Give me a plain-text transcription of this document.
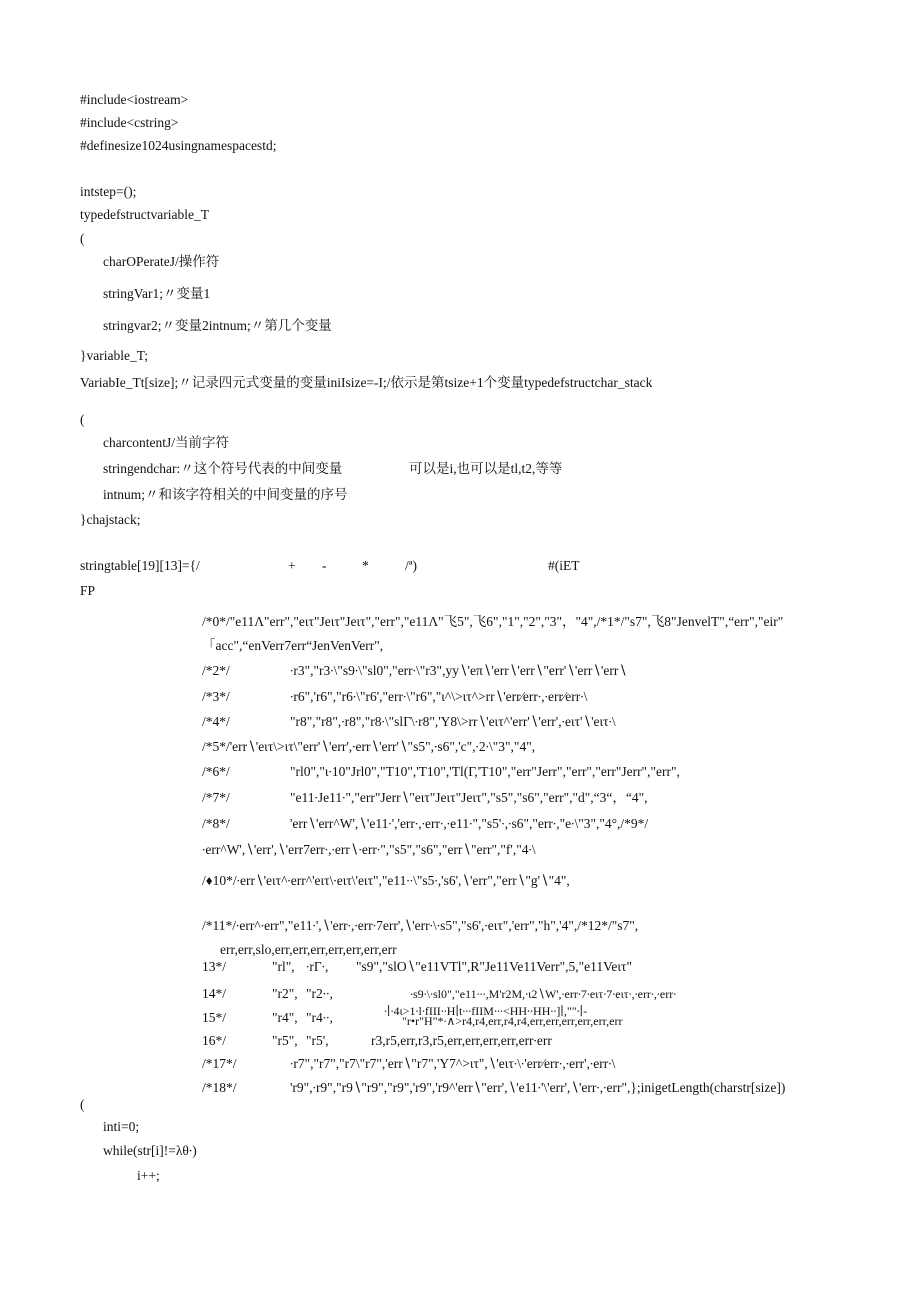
#include<iostream>
#include<cstring>
#definesize1024usingnamespacestd;
intstep=();
typedefstructvariable_T
(
charOPerateJ/操作符
stringVar1;〃变量1
stringvar2;〃变量2intnum;〃第几个变量
}variable_T;
VariabIe_Tt[size];〃记录四元式变量的变量iniIsize=-I;/依示是第tsize+1个变量typedefstructchar_stack
(
charcontentJ/当前字符
stringendchar:〃这个符号代表的中间变量	可以是i,也可以是tl,t2,等等
intnum;〃和该字符相关的中间变量的序号
}chajstack;
stringtable[19][13]={/	+ -	*	/ª)	#(iET
FP
/*0*/"e11Λ"err","eιτ"Jeιτ"Jeιτ","err","e11Λ"飞5",飞6","1","2","3"，"4",/*1*/"s7",飞8"JenvelT",“err","eir"
「acc",“enVerr7err“JenVenVerr",
/*2*/	∙r3","r3∙\"s9∙\"sl0","err∙\"r3",yy∖'eπ∖'err∖'err∖"err'∖'err∖'err∖
/*3*/	∙r6",'r6","r6∙\"r6',"err∙\"r6","ι^\>ιτ^>rr∖'err∕err∙,∙err∕err∙\
/*4*/	"r8","r8",∙r8","r8∙\"slΓ\∙r8",'Y8\>rr∖'eιτ^'err'∖'err',∙eιτ'∖'eιτ∙\
/*5*/'err∖'eιτ\>ιτ\"err'∖'err',∙err∖'err'∖"s5",∙s6",'c",∙2∙\"3","4",
/*6*/	"rl0","ι∙10"Jrl0","T10",'T10",'Tl(Γ,'T10","err"Jerr","err","err"Jerr","err",
/*7*/	"e11∙Je11∙","err"Jerr∖"eιτ"Jeιτ"Jeιτ","s5","s6","err","d",“3“，“4",
/*8*/	'err∖'err^W',∖'e11∙','err∙,∙err∙,∙e11∙","s5'∙,∙s6","err∙,"e∙\"3","4°,/*9*/
∙err^W',∖'err',∖'err7err∙,∙err∖∙err∙","s5","s6","err∖"err","f',"4∙\
/♦10*/∙err∖'eιτ^∙err^'eιτ\∙eιτ\'eιτ","e11∙∙\"s5∙,'s6',∖'err","err∖"g'∖"4",
/*11*/∙err^∙err","e11∙',∖'err∙,∙err∙7err',∖'err∙\∙s5","s6',∙eιτ",'err","h",'4",/*12*/"s7",
err,err,slo,err,err,err,err,err,err,err
13*/	"rl", ∙rΓ∙, "s9","slO∖"e11VTl",R"Je11Ve11Verr",5,"e11Veιτ"
14*/	"r2", "r2∙∙,	∙s9∙\∙sl0","e11∙∙∙,M'r2M,∙ι2∖W',∙err∙7∙eιτ∙7∙eιτ∙,∙err∙,∙err∙
15*/	"r4", "r4∙∙,	∙∣∙4ι>1∙l∙fIII∙∙H∣t∙∙∙fIIM∙∙∙<HH∙∙HH∙∙]∣,""∙∣-
"r•r"H"*∙∧>r4,r4,err,r4,r4,err,err,err,err,err,err
16*/	"r5", "r5',	r3,r5,err,r3,r5,err,err,err,err,err∙err
/*17*/	∙r7","r7","r7\"r7",'err∖"r7",'Y7^>ιτ",∖'eιτ∙\∙'err∕err∙,∙err',∙err∙\
/*18*/	'r9",∙r9","r9∖"r9","r9",'r9",'r9^'err∖"err',∖'e11∙'\'err',∖'err∙,∙err",};inigetLength(charstr[size])
(
inti=0;
while(str[i]!=λθ∙)
i++;
